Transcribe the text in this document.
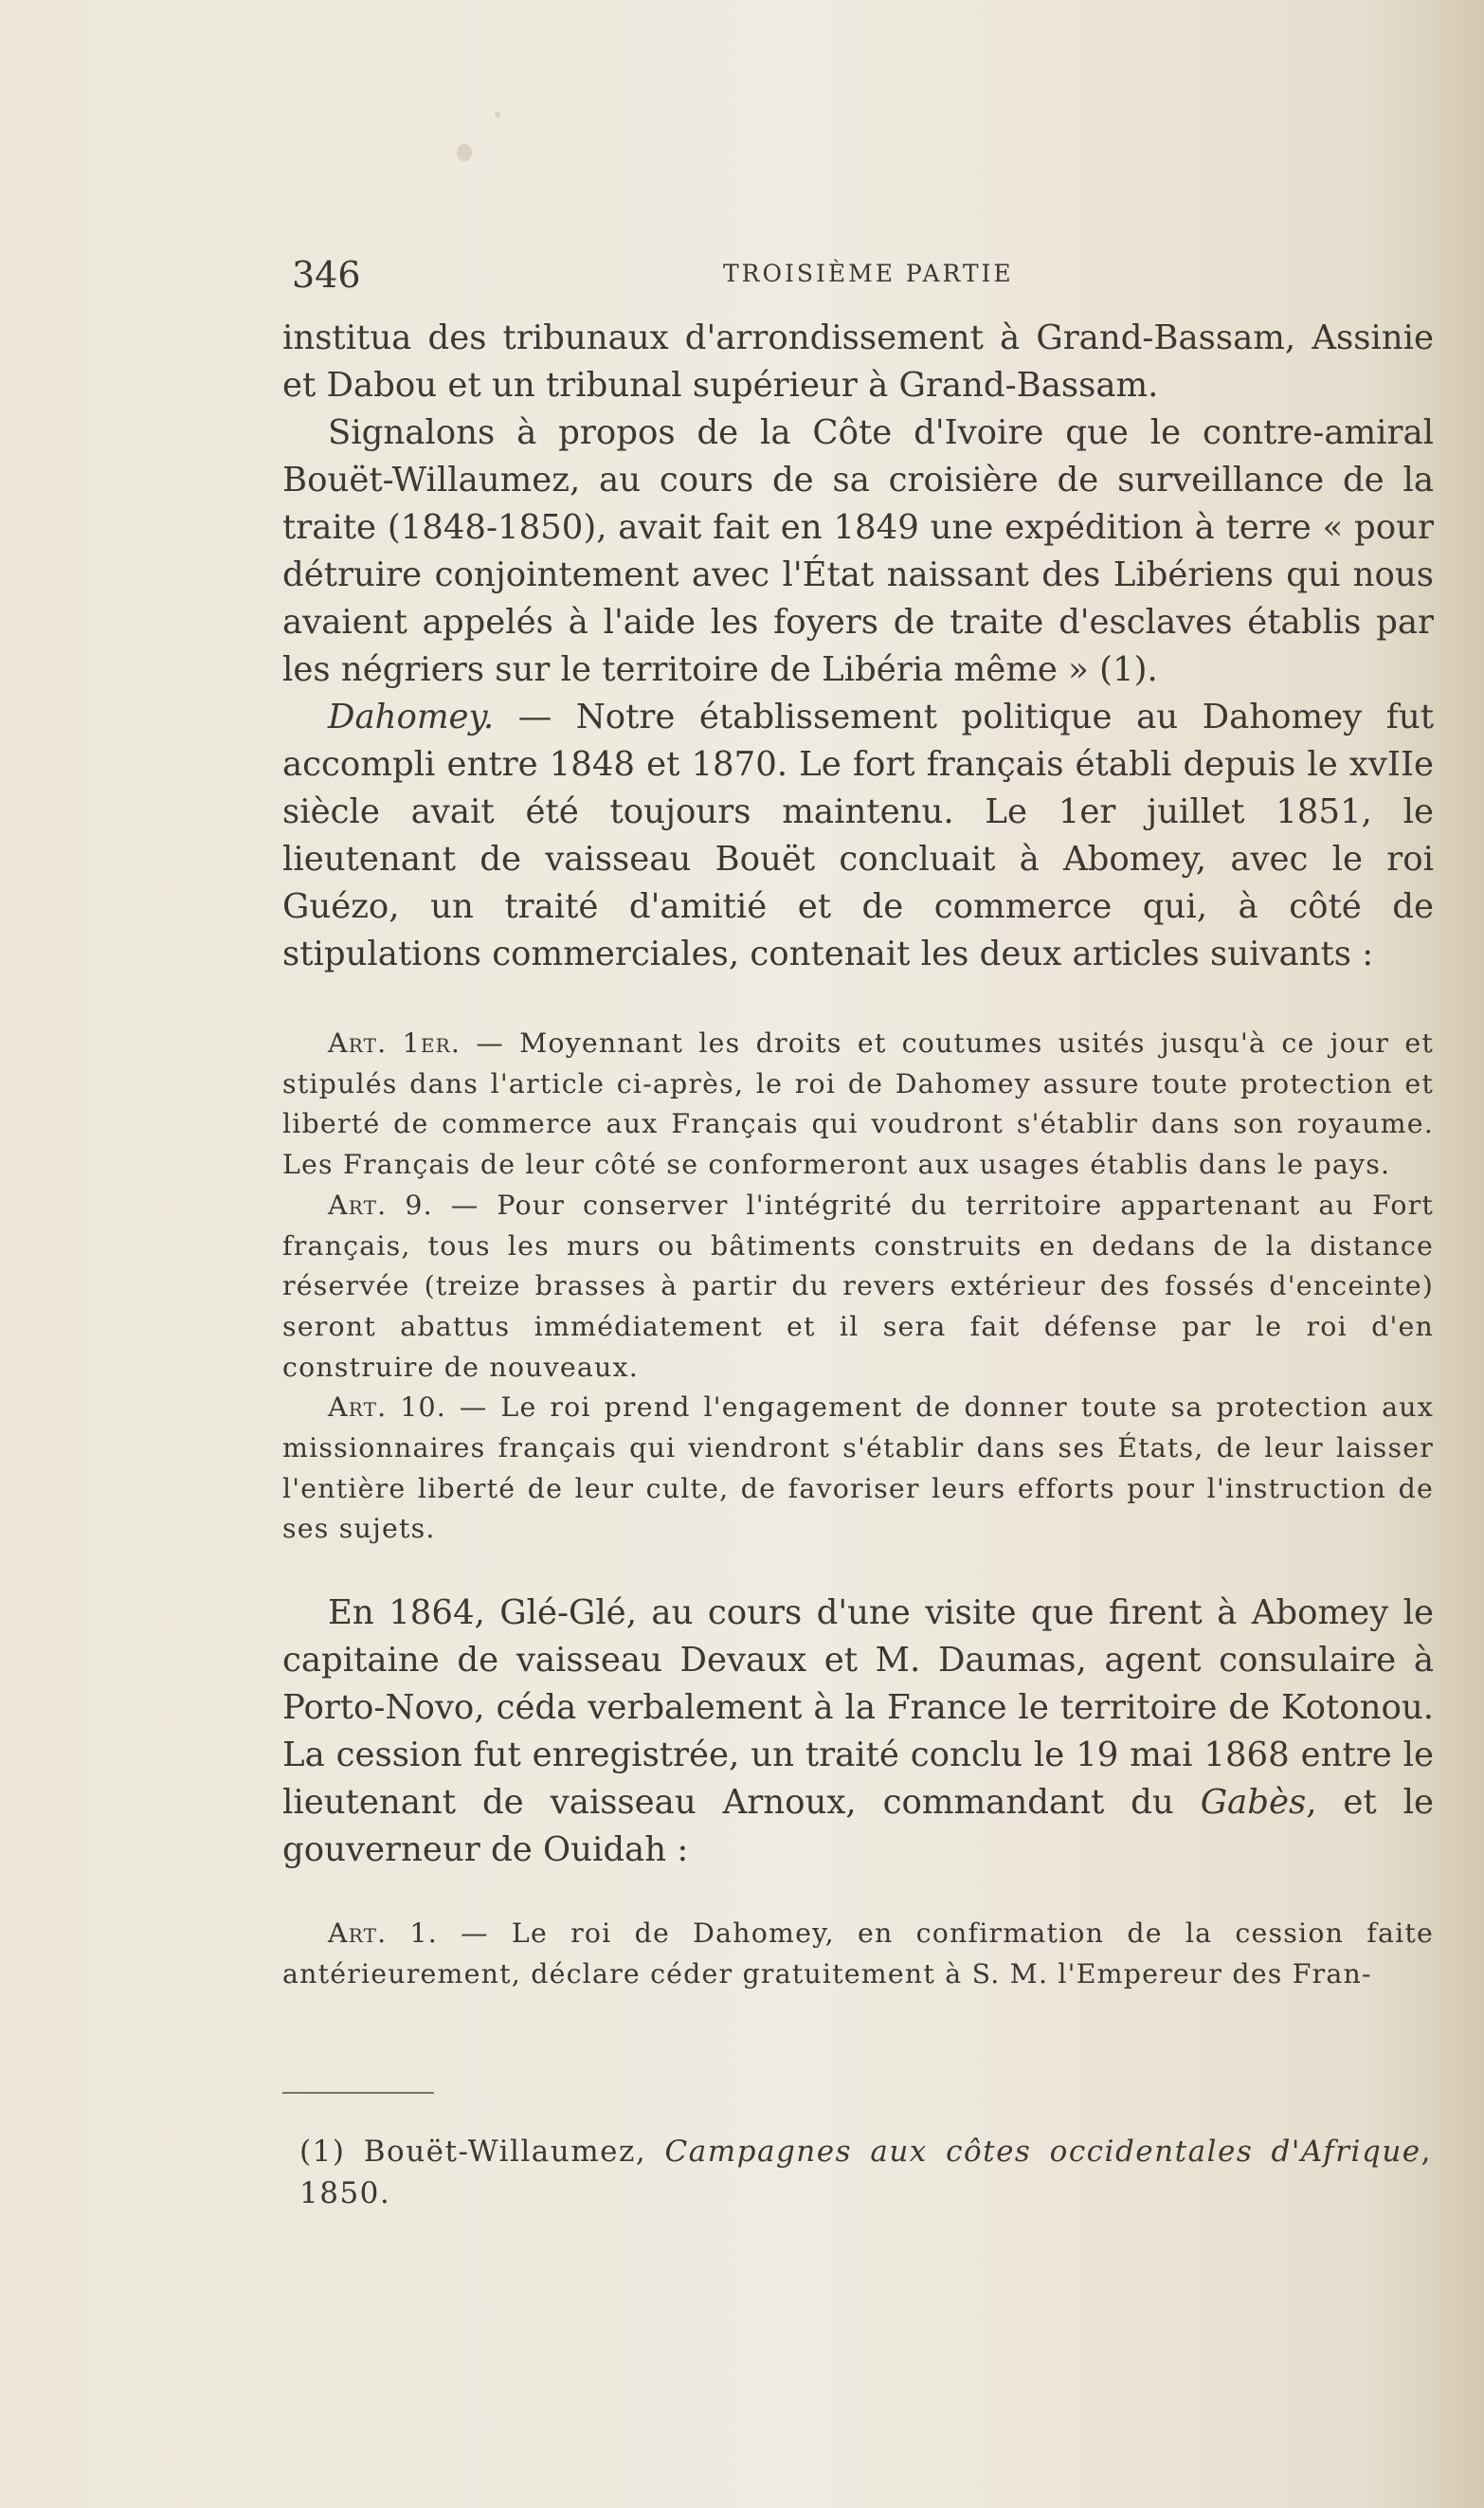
346	TROISIÈME PARTIE

institua des tribunaux d'arrondissement à Grand-Bassam, Assinie et Dabou et un tribunal supérieur à Grand-Bassam.

Signalons à propos de la Côte d'Ivoire que le contre-amiral Bouët-Willaumez, au cours de sa croisière de surveillance de la traite (1848-1850), avait fait en 1849 une expédition à terre « pour détruire conjointement avec l'État naissant des Libériens qui nous avaient appelés à l'aide les foyers de traite d'esclaves établis par les négriers sur le territoire de Libéria même » (1).

Dahomey. — Notre établissement politique au Dahomey fut accompli entre 1848 et 1870. Le fort français établi depuis le xvIIe siècle avait été toujours maintenu. Le 1er juillet 1851, le lieutenant de vaisseau Bouët concluait à Abomey, avec le roi Guézo, un traité d'amitié et de commerce qui, à côté de stipulations commerciales, contenait les deux articles suivants :

Art. 1er. — Moyennant les droits et coutumes usités jusqu'à ce jour et stipulés dans l'article ci-après, le roi de Dahomey assure toute protection et liberté de commerce aux Français qui voudront s'établir dans son royaume. Les Français de leur côté se conformeront aux usages établis dans le pays.

Art. 9. — Pour conserver l'intégrité du territoire appartenant au Fort français, tous les murs ou bâtiments construits en dedans de la distance réservée (treize brasses à partir du revers extérieur des fossés d'enceinte) seront abattus immédiatement et il sera fait défense par le roi d'en construire de nouveaux.

Art. 10. — Le roi prend l'engagement de donner toute sa protection aux missionnaires français qui viendront s'établir dans ses États, de leur laisser l'entière liberté de leur culte, de favoriser leurs efforts pour l'instruction de ses sujets.

En 1864, Glé-Glé, au cours d'une visite que firent à Abomey le capitaine de vaisseau Devaux et M. Daumas, agent consulaire à Porto-Novo, céda verbalement à la France le territoire de Kotonou. La cession fut enregistrée, un traité conclu le 19 mai 1868 entre le lieutenant de vaisseau Arnoux, commandant du Gabès, et le gouverneur de Ouidah :

Art. 1. — Le roi de Dahomey, en confirmation de la cession faite antérieurement, déclare céder gratuitement à S. M. l'Empereur des Fran-

(1) Bouët-Willaumez, Campagnes aux côtes occidentales d'Afrique, 1850.
